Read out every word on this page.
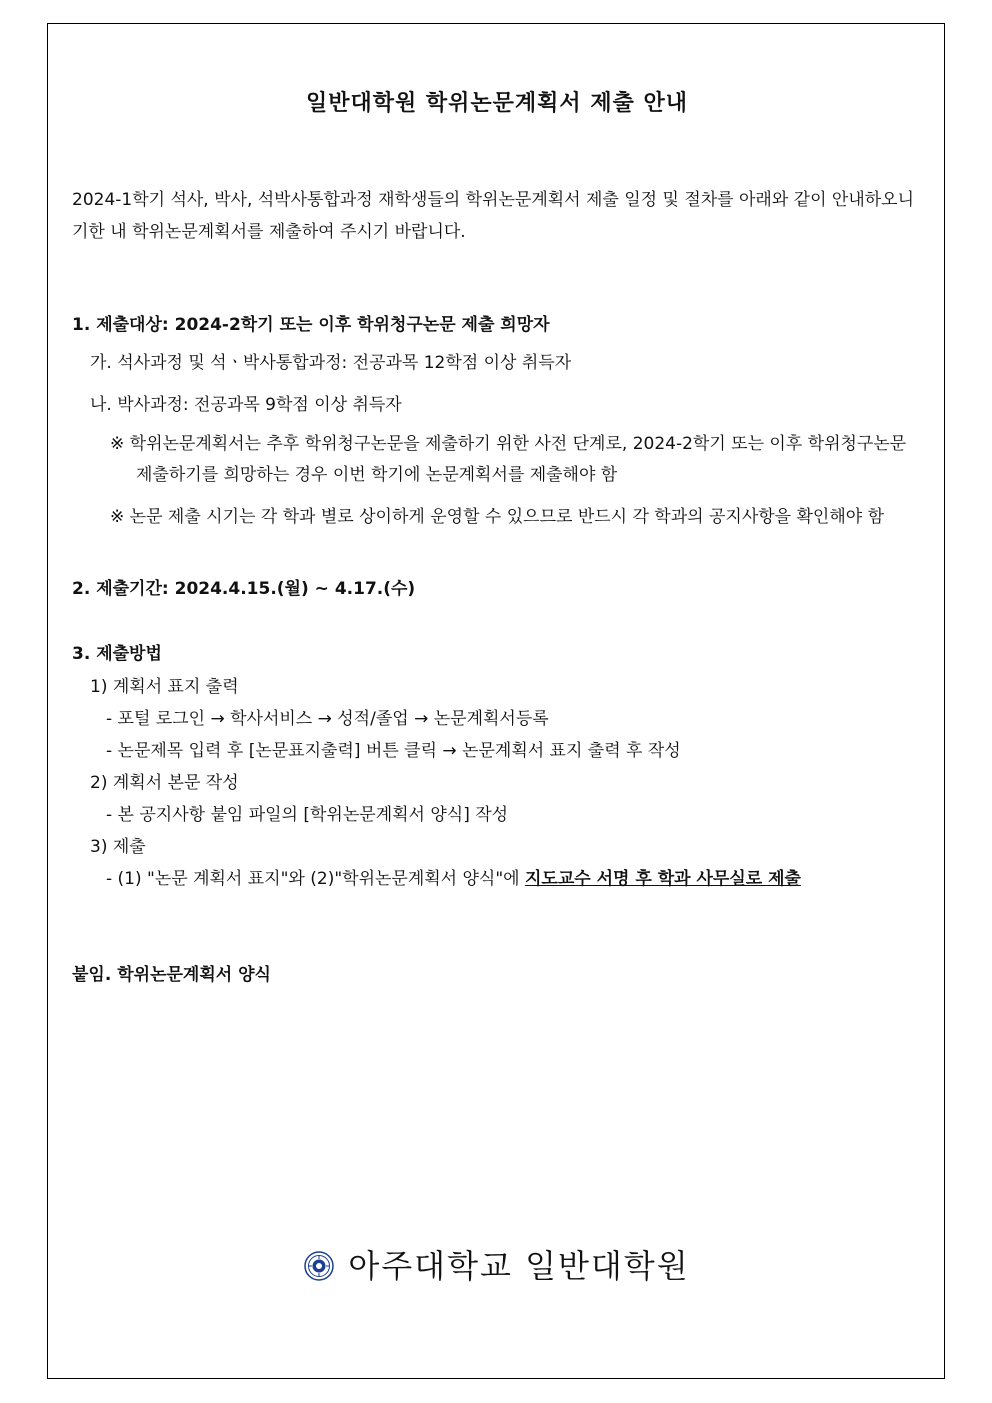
일반대학원 학위논문계획서 제출 안내
2024-1학기 석사, 박사, 석박사통합과정 재학생들의 학위논문계획서 제출 일정 및 절차를 아래와 같이 안내하오니 기한 내 학위논문계획서를 제출하여 주시기 바랍니다.
1. 제출대상: 2024-2학기 또는 이후 학위청구논문 제출 희망자
가. 석사과정 및 석ㆍ박사통합과정: 전공과목 12학점 이상 취득자
나. 박사과정: 전공과목 9학점 이상 취득자
※ 학위논문계획서는 추후 학위청구논문을 제출하기 위한 사전 단계로, 2024-2학기 또는 이후 학위청구논문 제출하기를 희망하는 경우 이번 학기에 논문계획서를 제출해야 함
※ 논문 제출 시기는 각 학과 별로 상이하게 운영할 수 있으므로 반드시 각 학과의 공지사항을 확인해야 함
2. 제출기간: 2024.4.15.(월) ~ 4.17.(수)
3. 제출방법
1) 계획서 표지 출력
- 포털 로그인 → 학사서비스 → 성적/졸업 → 논문계획서등록
- 논문제목 입력 후 [논문표지출력] 버튼 클릭 → 논문계획서 표지 출력 후 작성
2) 계획서 본문 작성
- 본 공지사항 붙임 파일의 [학위논문계획서 양식] 작성
3) 제출
- (1) "논문 계획서 표지"와 (2)"학위논문계획서 양식"에 지도교수 서명 후 학과 사무실로 제출
붙임. 학위논문계획서 양식
아주대학교 일반대학원
